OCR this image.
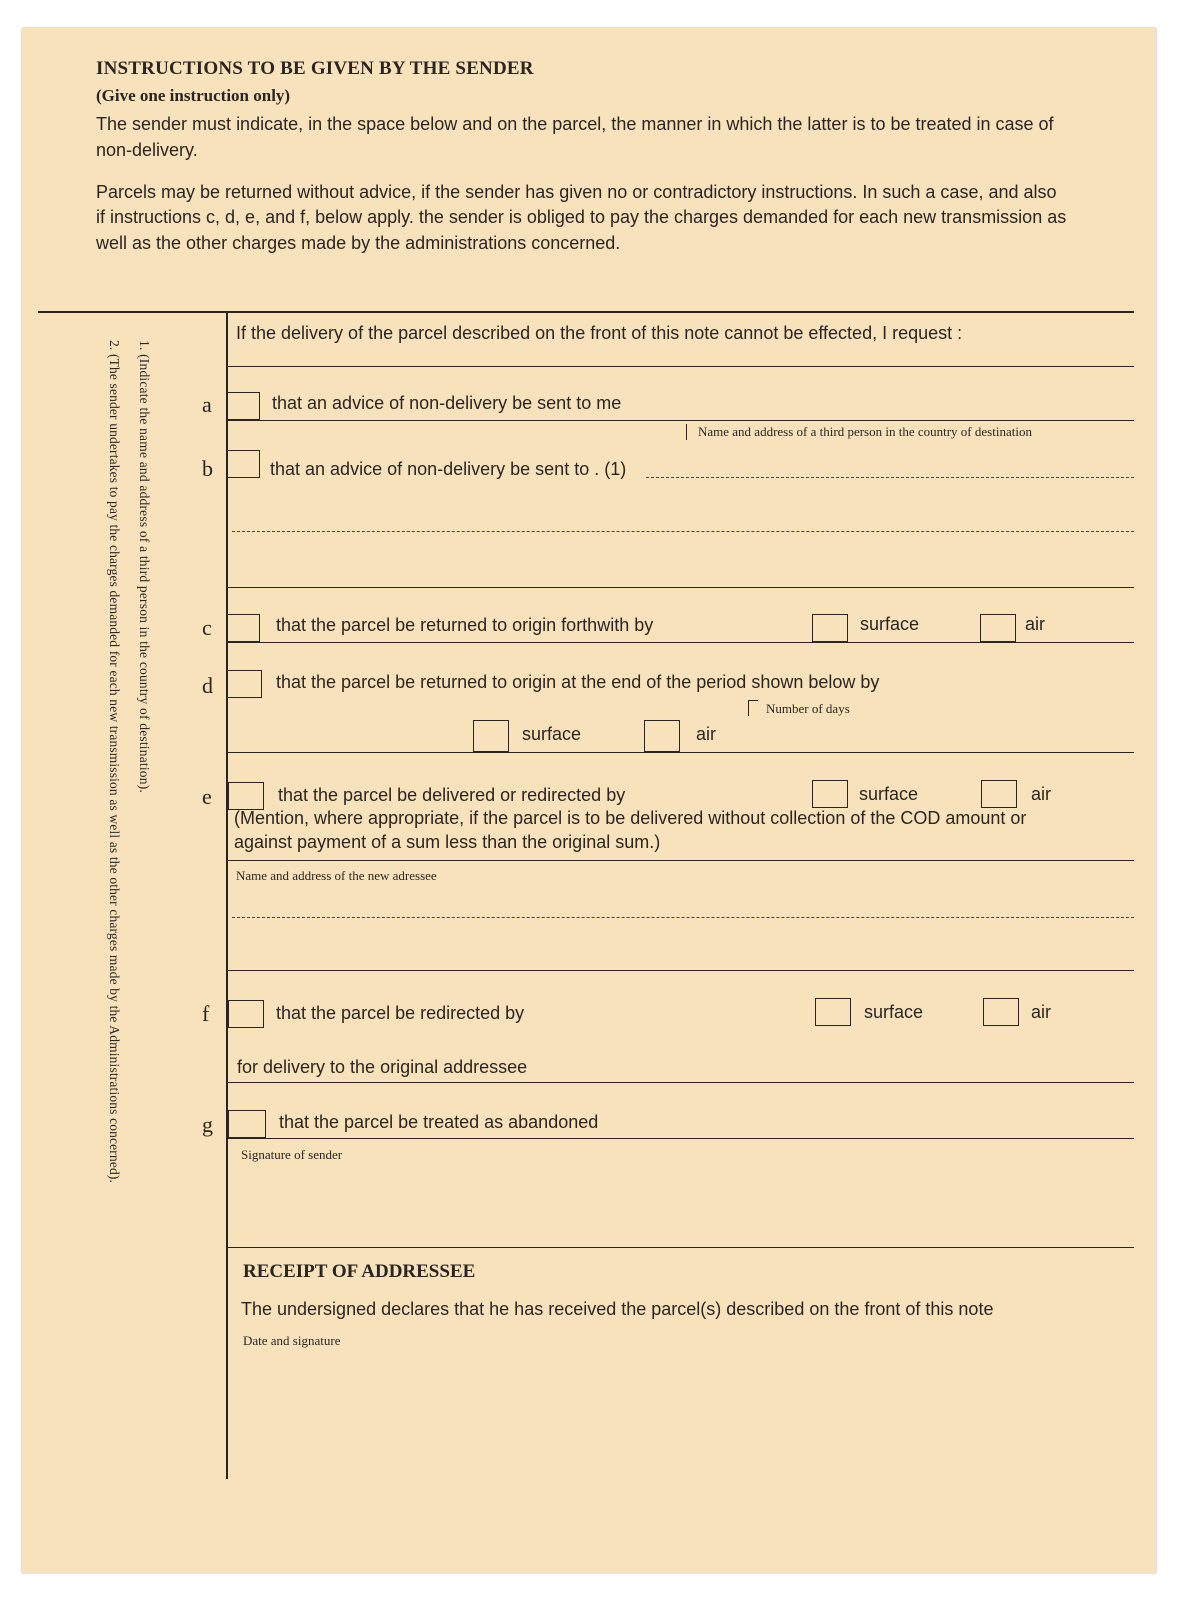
INSTRUCTIONS TO BE GIVEN BY THE SENDER
(Give one instruction only)
The sender must indicate, in the space below and on the parcel, the manner in which the latter is to be treated in case of
non-delivery.
Parcels may be returned without advice, if the sender has given no or contradictory instructions. In such a case, and also
if instructions c, d, e, and f, below apply. the sender is obliged to pay the charges demanded for each new transmission as
well as the other charges made by the administrations concerned.
1. (Indicate the name and address of a third person in the country of destination).
2. (The sender undertakes to pay the charges demanded for each new transmission as well as the other charges made by the Administrations concerned).
If the delivery of the parcel described on the front of this note cannot be effected, I request :
a	that an advice of non-delivery be sent to me
Name and address of a third person in the country of destination
b	that an advice of non-delivery be sent to . (1)
c	that the parcel be returned to origin forthwith by	surface	air
d	that the parcel be returned to origin at the end of the period shown below by
Number of days
surface	air
e	that the parcel be delivered or redirected by	surface	air
(Mention, where appropriate, if the parcel is to be delivered without collection of the COD amount or
against payment of a sum less than the original sum.)
Name and address of the new adressee
f	that the parcel be redirected by	surface	air
for delivery to the original addressee
g	that the parcel be treated as abandoned
Signature of sender
RECEIPT OF ADDRESSEE
The undersigned declares that he has received the parcel(s) described on the front of this note
Date and signature
